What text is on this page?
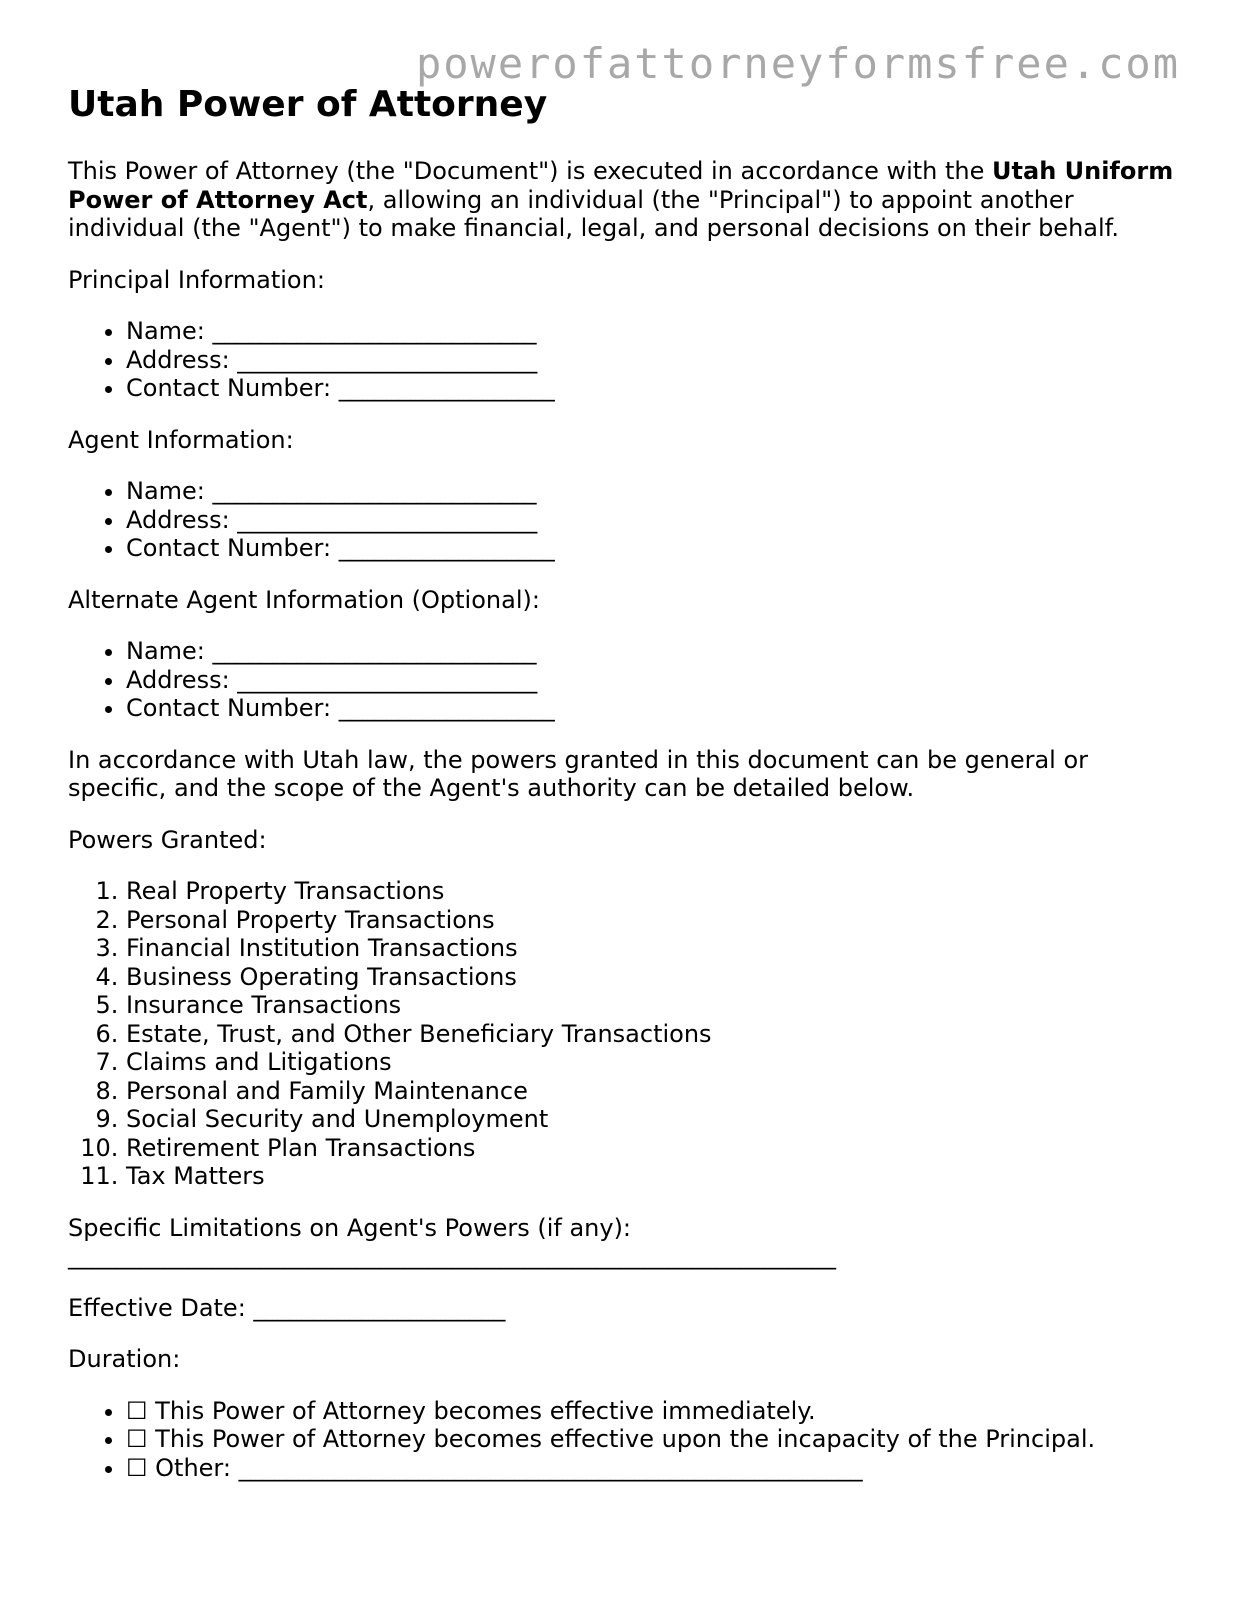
powerofattorneyformsfree.com
Utah Power of Attorney

This Power of Attorney (the "Document") is executed in accordance with the Utah Uniform Power of Attorney Act, allowing an individual (the "Principal") to appoint another individual (the "Agent") to make financial, legal, and personal decisions on their behalf.

Principal Information:

• Name: ___________________________
• Address: _________________________
• Contact Number: __________________

Agent Information:

• Name: ___________________________
• Address: _________________________
• Contact Number: __________________

Alternate Agent Information (Optional):

• Name: ___________________________
• Address: _________________________
• Contact Number: __________________

In accordance with Utah law, the powers granted in this document can be general or specific, and the scope of the Agent's authority can be detailed below.

Powers Granted:

1. Real Property Transactions
2. Personal Property Transactions
3. Financial Institution Transactions
4. Business Operating Transactions
5. Insurance Transactions
6. Estate, Trust, and Other Beneficiary Transactions
7. Claims and Litigations
8. Personal and Family Maintenance
9. Social Security and Unemployment
10. Retirement Plan Transactions
11. Tax Matters

Specific Limitations on Agent's Powers (if any):

________________________________________________________________

Effective Date: _____________________

Duration:

• ☐ This Power of Attorney becomes effective immediately.
• ☐ This Power of Attorney becomes effective upon the incapacity of the Principal.
• ☐ Other: ____________________________________________________
